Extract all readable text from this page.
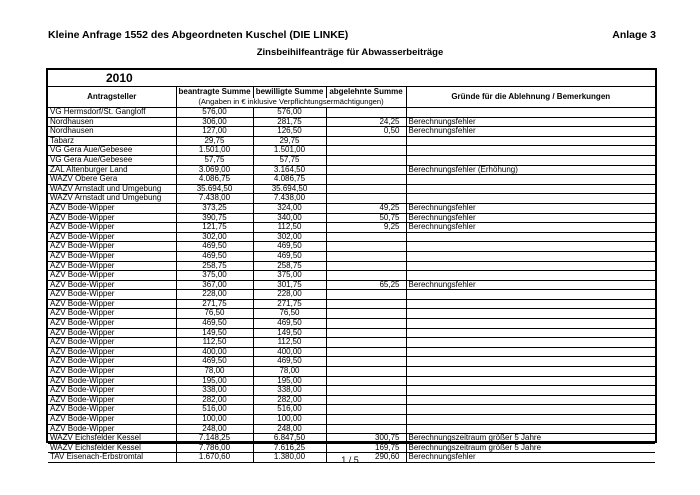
Kleine Anfrage 1552 des Abgeordneten Kuschel (DIE LINKE)	Anlage 3
Zinsbeihilfeanträge für Abwasserbeiträge
2010
Antragsteller	beantragte Summe	bewilligte Summe	abgelehnte Summe	Gründe für die Ablehnung / Bemerkungen
	(Angaben in € inklusive Verpflichtungsermächtigungen)			
VG Hermsdorf/St. Gangloff	576,00	576,00		
Nordhausen	306,00	281,75	24,25	Berechnungsfehler
Nordhausen	127,00	126,50	0,50	Berechnungsfehler
Tabarz	29,75	29,75		
VG Gera Aue/Gebesee	1.501,00	1.501,00		
VG Gera Aue/Gebesee	57,75	57,75		
ZAL Altenburger Land	3.069,00	3.164,50		Berechnungsfehler (Erhöhung)
WAZV Obere Gera	4.086,75	4.086,75		
WAZV Arnstadt und Umgebung	35.694,50	35.694,50		
WAZV Arnstadt und Umgebung	7.438,00	7.438,00		
AZV Bode-Wipper	373,25	324,00	49,25	Berechnungsfehler
AZV Bode-Wipper	390,75	340,00	50,75	Berechnungsfehler
AZV Bode-Wipper	121,75	112,50	9,25	Berechnungsfehler
AZV Bode-Wipper	302,00	302,00		
AZV Bode-Wipper	469,50	469,50		
AZV Bode-Wipper	469,50	469,50		
AZV Bode-Wipper	258,75	258,75		
AZV Bode-Wipper	375,00	375,00		
AZV Bode-Wipper	367,00	301,75	65,25	Berechnungsfehler
AZV Bode-Wipper	228,00	228,00		
AZV Bode-Wipper	271,75	271,75		
AZV Bode-Wipper	76,50	76,50		
AZV Bode-Wipper	469,50	469,50		
AZV Bode-Wipper	149,50	149,50		
AZV Bode-Wipper	112,50	112,50		
AZV Bode-Wipper	400,00	400,00		
AZV Bode-Wipper	469,50	469,50		
AZV Bode-Wipper	78,00	78,00		
AZV Bode-Wipper	195,00	195,00		
AZV Bode-Wipper	338,00	338,00		
AZV Bode-Wipper	282,00	282,00		
AZV Bode-Wipper	516,00	516,00		
AZV Bode-Wipper	100,00	100,00		
AZV Bode-Wipper	248,00	248,00		
WAZV Eichsfelder Kessel	7.148,25	6.847,50	300,75	Berechnungszeitraum größer 5 Jahre
WAZV Eichsfelder Kessel	7.786,00	7.616,25	169,75	Berechnungszeitraum größer 5 Jahre
TAV Eisenach-Erbstromtal	1.670,60	1.380,00	290,60	Berechnungsfehler
1 / 5
